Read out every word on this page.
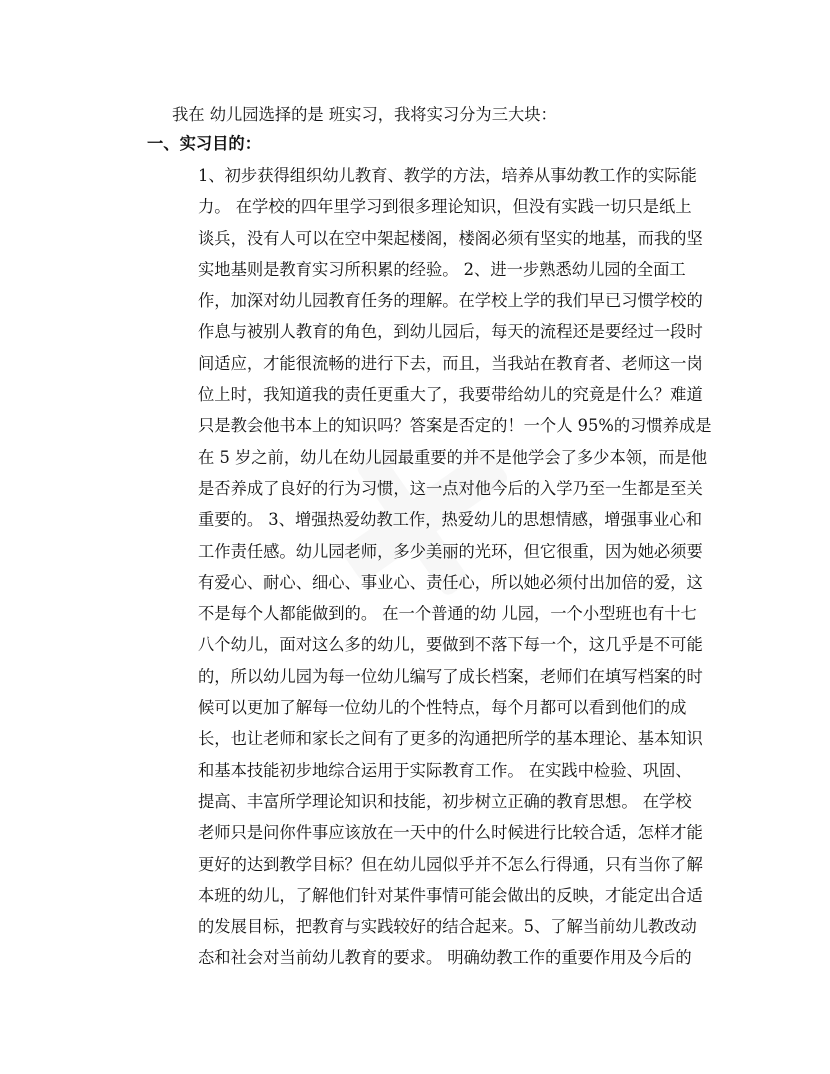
我在 幼儿园选择的是 班实习，我将实习分为三大块：
一、实习目的：
1、初步获得组织幼儿教育、教学的方法，培养从事幼教工作的实际能
力。 在学校的四年里学习到很多理论知识，但没有实践一切只是纸上
谈兵，没有人可以在空中架起楼阁，楼阁必须有坚实的地基，而我的坚
实地基则是教育实习所积累的经验。 2、进一步熟悉幼儿园的全面工
作，加深对幼儿园教育任务的理解。在学校上学的我们早已习惯学校的
作息与被别人教育的角色，到幼儿园后，每天的流程还是要经过一段时
间适应，才能很流畅的进行下去，而且，当我站在教育者、老师这一岗
位上时，我知道我的责任更重大了，我要带给幼儿的究竟是什么？难道
只是教会他书本上的知识吗？答案是否定的！一个人 95%的习惯养成是
在 5 岁之前，幼儿在幼儿园最重要的并不是他学会了多少本领，而是他
是否养成了良好的行为习惯，这一点对他今后的入学乃至一生都是至关
重要的。 3、增强热爱幼教工作，热爱幼儿的思想情感，增强事业心和
工作责任感。幼儿园老师，多少美丽的光环，但它很重，因为她必须要
有爱心、耐心、细心、事业心、责任心，所以她必须付出加倍的爱，这
不是每个人都能做到的。 在一个普通的幼 儿园，一个小型班也有十七
八个幼儿，面对这么多的幼儿，要做到不落下每一个，这几乎是不可能
的，所以幼儿园为每一位幼儿编写了成长档案，老师们在填写档案的时
候可以更加了解每一位幼儿的个性特点，每个月都可以看到他们的成
长，也让老师和家长之间有了更多的沟通把所学的基本理论、基本知识
和基本技能初步地综合运用于实际教育工作。 在实践中检验、巩固、
提高、丰富所学理论知识和技能，初步树立正确的教育思想。 在学校
老师只是问你件事应该放在一天中的什么时候进行比较合适，怎样才能
更好的达到教学目标？但在幼儿园似乎并不怎么行得通，只有当你了解
本班的幼儿，了解他们针对某件事情可能会做出的反映，才能定出合适
的发展目标，把教育与实践较好的结合起来。5、了解当前幼儿教改动
态和社会对当前幼儿教育的要求。 明确幼教工作的重要作用及今后的
